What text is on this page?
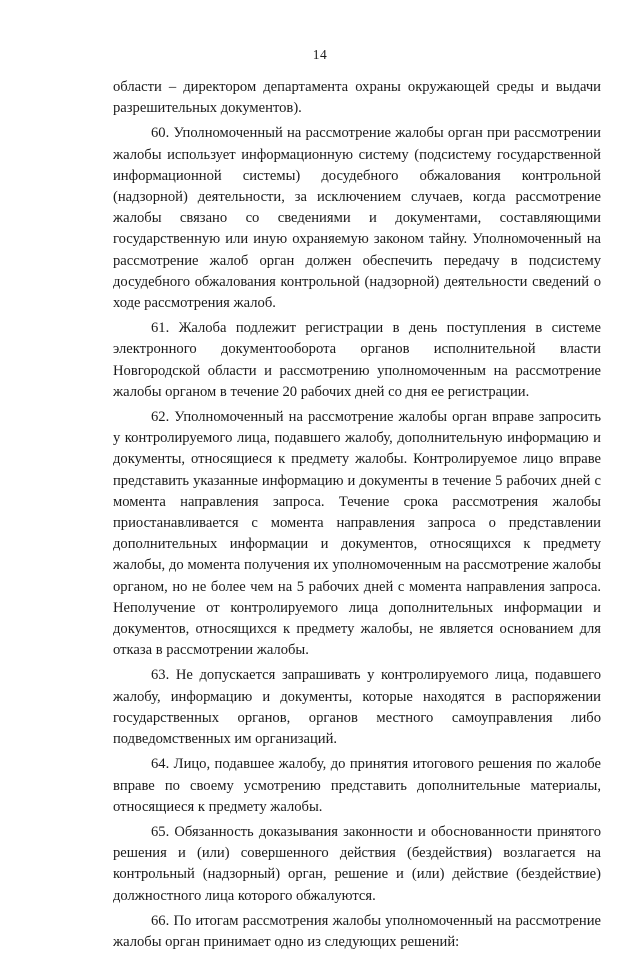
14

области – директором департамента охраны окружающей среды и выдачи разрешительных документов).

60. Уполномоченный на рассмотрение жалобы орган при рассмотрении жалобы использует информационную систему (подсистему государственной информационной системы) досудебного обжалования контрольной (надзорной) деятельности, за исключением случаев, когда рассмотрение жалобы связано со сведениями и документами, составляющими государственную или иную охраняемую законом тайну. Уполномоченный на рассмотрение жалоб орган должен обеспечить передачу в подсистему досудебного обжалования контрольной (надзорной) деятельности сведений о ходе рассмотрения жалоб.

61. Жалоба подлежит регистрации в день поступления в системе электронного документооборота органов исполнительной власти Новгородской области и рассмотрению уполномоченным на рассмотрение жалобы органом в течение 20 рабочих дней со дня ее регистрации.

62. Уполномоченный на рассмотрение жалобы орган вправе запросить у контролируемого лица, подавшего жалобу, дополнительную информацию и документы, относящиеся к предмету жалобы. Контролируемое лицо вправе представить указанные информацию и документы в течение 5 рабочих дней с момента направления запроса. Течение срока рассмотрения жалобы приостанавливается с момента направления запроса о представлении дополнительных информации и документов, относящихся к предмету жалобы, до момента получения их уполномоченным на рассмотрение жалобы органом, но не более чем на 5 рабочих дней с момента направления запроса. Неполучение от контролируемого лица дополнительных информации и документов, относящихся к предмету жалобы, не является основанием для отказа в рассмотрении жалобы.

63. Не допускается запрашивать у контролируемого лица, подавшего жалобу, информацию и документы, которые находятся в распоряжении государственных органов, органов местного самоуправления либо подведомственных им организаций.

64. Лицо, подавшее жалобу, до принятия итогового решения по жалобе вправе по своему усмотрению представить дополнительные материалы, относящиеся к предмету жалобы.

65. Обязанность доказывания законности и обоснованности принятого решения и (или) совершенного действия (бездействия) возлагается на контрольный (надзорный) орган, решение и (или) действие (бездействие) должностного лица которого обжалуются.

66. По итогам рассмотрения жалобы уполномоченный на рассмотрение жалобы орган принимает одно из следующих решений:
